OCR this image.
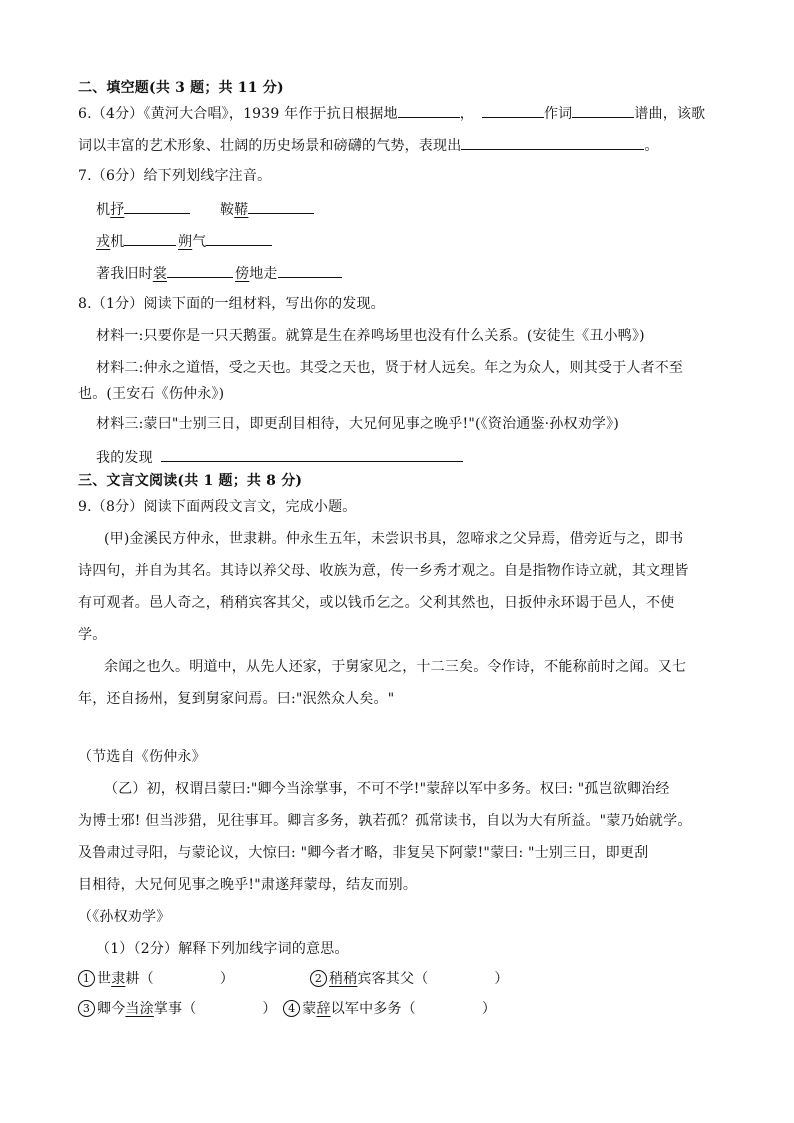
二、填空题(共 3 题；共 11 分)
6.（4分）《黄河大合唱》，1939 年作于抗日根据地	，	作词	谱曲，该歌
词以丰富的艺术形象、壮阔的历史场景和磅礴的气势，表现出	。
7.（6分）给下列划线字注音。
机抒	鞍鞯
戎机	朔气
著我旧时裳	傍地走
8.（1分）阅读下面的一组材料，写出你的发现。
材料一:只要你是一只天鹅蛋。就算是生在养鸣场里也没有什么关系。(安徒生《丑小鸭》)
材料二:仲永之道悟，受之天也。其受之天也，贤于材人远矣。年之为众人，则其受于人者不至
也。(王安石《伤仲永》)
材料三:蒙曰"士别三日，即更刮目相待，大兄何见事之晚乎!"(《资治通鉴·孙权劝学》)
我的发现
三、文言文阅读(共 1 题；共 8 分)
9.（8分）阅读下面两段文言文，完成小题。
(甲)金溪民方仲永，世隶耕。仲永生五年，未尝识书具，忽啼求之父异焉，借旁近与之，即书
诗四句，并自为其名。其诗以养父母、收族为意，传一乡秀才观之。自是指物作诗立就，其文理皆
有可观者。邑人奇之，稍稍宾客其父，或以钱币乞之。父利其然也，日扳仲永环谒于邑人，不使
学。
余闻之也久。明道中，从先人还家，于舅家见之，十二三矣。令作诗，不能称前时之闻。又七
年，还自扬州，复到舅家问焉。曰:"泯然众人矣。"
（节选自《伤仲永》
（乙）初，权谓吕蒙曰:"卿今当涂掌事，不可不学!"蒙辞以军中多务。权曰: "孤岂欲卿治经
为博士邪! 但当涉猎，见往事耳。卿言多务，孰若孤？孤常读书，自以为大有所益。"蒙乃始就学。
及鲁肃过寻阳，与蒙论议，大惊曰: "卿今者才略，非复吴下阿蒙!"蒙曰: "士别三日，即更刮
目相待，大兄何见事之晚乎!"肃遂拜蒙母，结友而别。
（《孙权劝学》
（1）（2分）解释下列加线字词的意思。
1 世隶耕（	）	2 稍稍宾客其父（	）
3 卿今当涂掌事（	） 4 蒙辞以军中多务（	）
